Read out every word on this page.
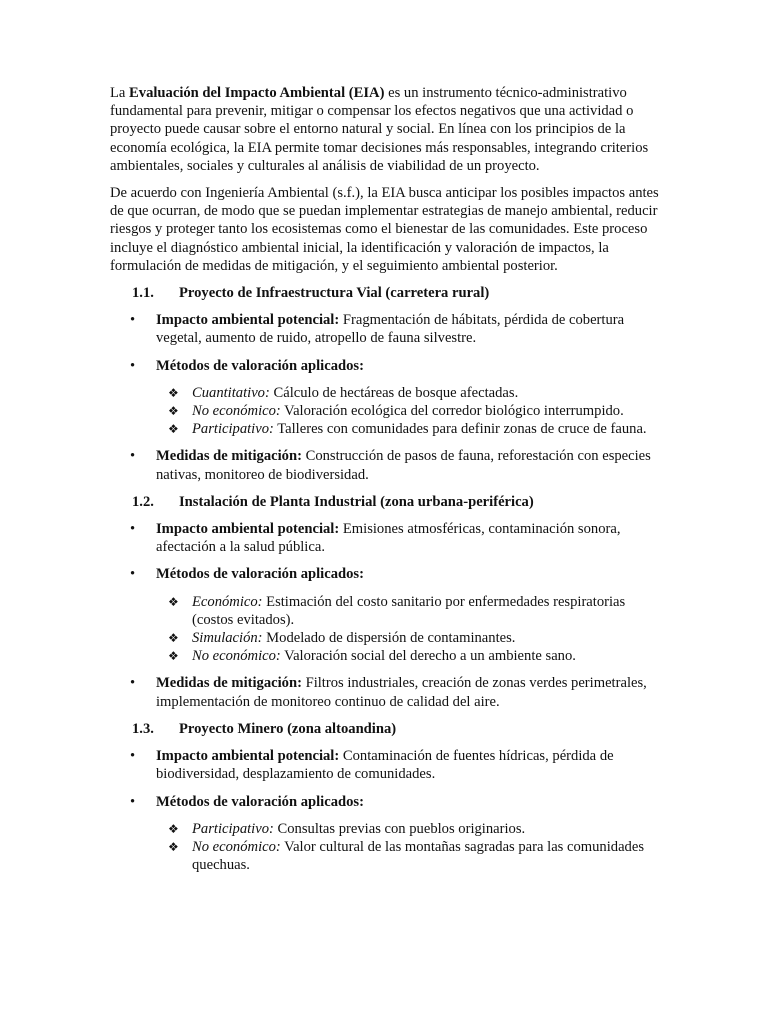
La Evaluación del Impacto Ambiental (EIA) es un instrumento técnico-administrativo fundamental para prevenir, mitigar o compensar los efectos negativos que una actividad o proyecto puede causar sobre el entorno natural y social. En línea con los principios de la economía ecológica, la EIA permite tomar decisiones más responsables, integrando criterios ambientales, sociales y culturales al análisis de viabilidad de un proyecto.

De acuerdo con Ingeniería Ambiental (s.f.), la EIA busca anticipar los posibles impactos antes de que ocurran, de modo que se puedan implementar estrategias de manejo ambiental, reducir riesgos y proteger tanto los ecosistemas como el bienestar de las comunidades. Este proceso incluye el diagnóstico ambiental inicial, la identificación y valoración de impactos, la formulación de medidas de mitigación, y el seguimiento ambiental posterior.

1.1.	Proyecto de Infraestructura Vial (carretera rural)
• Impacto ambiental potencial: Fragmentación de hábitats, pérdida de cobertura vegetal, aumento de ruido, atropello de fauna silvestre.
• Métodos de valoración aplicados:
❖ Cuantitativo: Cálculo de hectáreas de bosque afectadas.
❖ No económico: Valoración ecológica del corredor biológico interrumpido.
❖ Participativo: Talleres con comunidades para definir zonas de cruce de fauna.
• Medidas de mitigación: Construcción de pasos de fauna, reforestación con especies nativas, monitoreo de biodiversidad.
1.2.	Instalación de Planta Industrial (zona urbana-periférica)
• Impacto ambiental potencial: Emisiones atmosféricas, contaminación sonora, afectación a la salud pública.
• Métodos de valoración aplicados:
❖ Económico: Estimación del costo sanitario por enfermedades respiratorias (costos evitados).
❖ Simulación: Modelado de dispersión de contaminantes.
❖ No económico: Valoración social del derecho a un ambiente sano.
• Medidas de mitigación: Filtros industriales, creación de zonas verdes perimetrales, implementación de monitoreo continuo de calidad del aire.
1.3.	Proyecto Minero (zona altoandina)
• Impacto ambiental potencial: Contaminación de fuentes hídricas, pérdida de biodiversidad, desplazamiento de comunidades.
• Métodos de valoración aplicados:
❖ Participativo: Consultas previas con pueblos originarios.
❖ No económico: Valor cultural de las montañas sagradas para las comunidades quechuas.
